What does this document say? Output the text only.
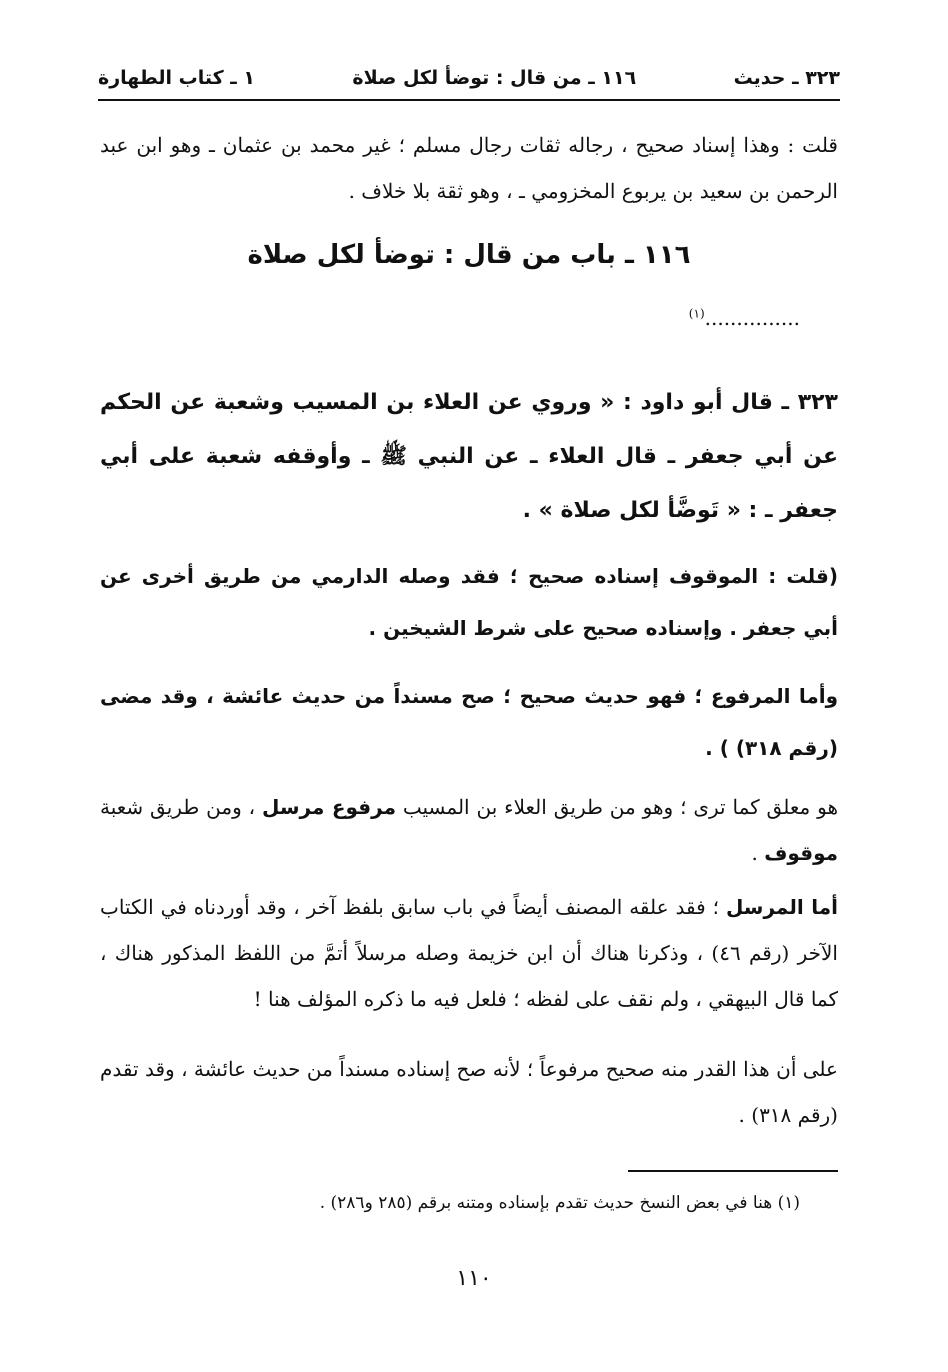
١ ـ كتاب الطهارة	١١٦ ـ من قال : توضأ لكل صلاة	٣٢٣ ـ حديث
قلت : وهذا إسناد صحيح ، رجاله ثقات رجال مسلم ؛ غير محمد بن عثمان ـ وهو ابن عبد الرحمن بن سعيد بن يربوع المخزومي ـ ، وهو ثقة بلا خلاف .
١١٦ ـ باب من قال : توضأ لكل صلاة
...............$^{(١)}$
٣٢٣ ـ قال أبو داود : « وروي عن العلاء بن المسيب وشعبة عن الحكم عن أبي جعفر ـ قال العلاء ـ عن النبي ﷺ ـ وأوقفه شعبة على أبي جعفر ـ : « تَوضَّأ لكل صلاة » .
(قلت : الموقوف إسناده صحيح ؛ فقد وصله الدارمي من طريق أخرى عن أبي جعفر . وإسناده صحيح على شرط الشيخين .
وأما المرفوع ؛ فهو حديث صحيح ؛ صح مسنداً من حديث عائشة ، وقد مضى (رقم ٣١٨) ) .
هو معلق كما ترى ؛ وهو من طريق العلاء بن المسيب مرفوع مرسل ، ومن طريق شعبة موقوف .
أما المرسل ؛ فقد علقه المصنف أيضاً في باب سابق بلفظ آخر ، وقد أوردناه في الكتاب الآخر (رقم ٤٦) ، وذكرنا هناك أن ابن خزيمة وصله مرسلاً أتمَّ من اللفظ المذكور هناك ، كما قال البيهقي ، ولم نقف على لفظه ؛ فلعل فيه ما ذكره المؤلف هنا !
على أن هذا القدر منه صحيح مرفوعاً ؛ لأنه صح إسناده مسنداً من حديث عائشة ، وقد تقدم (رقم ٣١٨) .
(١) هنا في بعض النسخ حديث تقدم بإسناده ومتنه برقم (٢٨٥ و٢٨٦) .
١١٠
